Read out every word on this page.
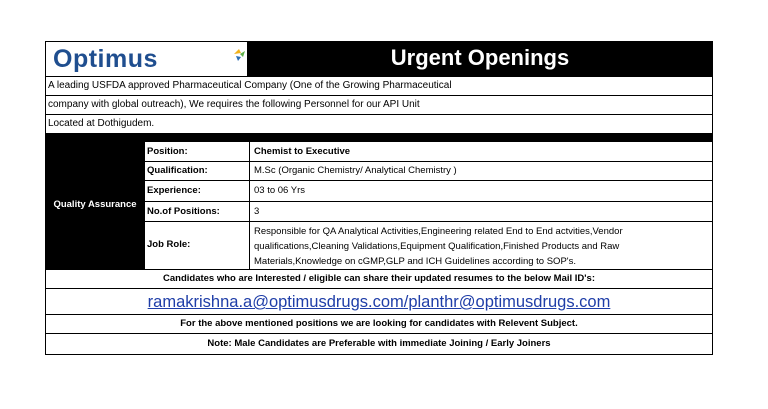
Optimus	Urgent Openings
A leading USFDA approved Pharmaceutical Company (One of the Growing Pharmaceutical
company with global outreach), We requires the following Personnel for our API Unit
Located at Dothigudem.
Quality Assurance
Position:	Chemist to Executive
Qualification:	M.Sc (Organic Chemistry/ Analytical Chemistry )
Experience:	03 to 06 Yrs
No.of Positions:	3
Job Role:
Responsible for QA Analytical Activities,Engineering related End to End actvities,Vendor
qualifications,Cleaning Validations,Equipment Qualification,Finished Products and Raw
Materials,Knowledge on cGMP,GLP and ICH Guidelines according to SOP's.
Candidates who are Interested / eligible can share their updated resumes to the below Mail ID's:
ramakrishna.a@optimusdrugs.com/planthr@optimusdrugs.com
For the above mentioned positions we are looking for candidates with Relevent Subject.
Note: Male Candidates are Preferable with immediate Joining / Early Joiners
